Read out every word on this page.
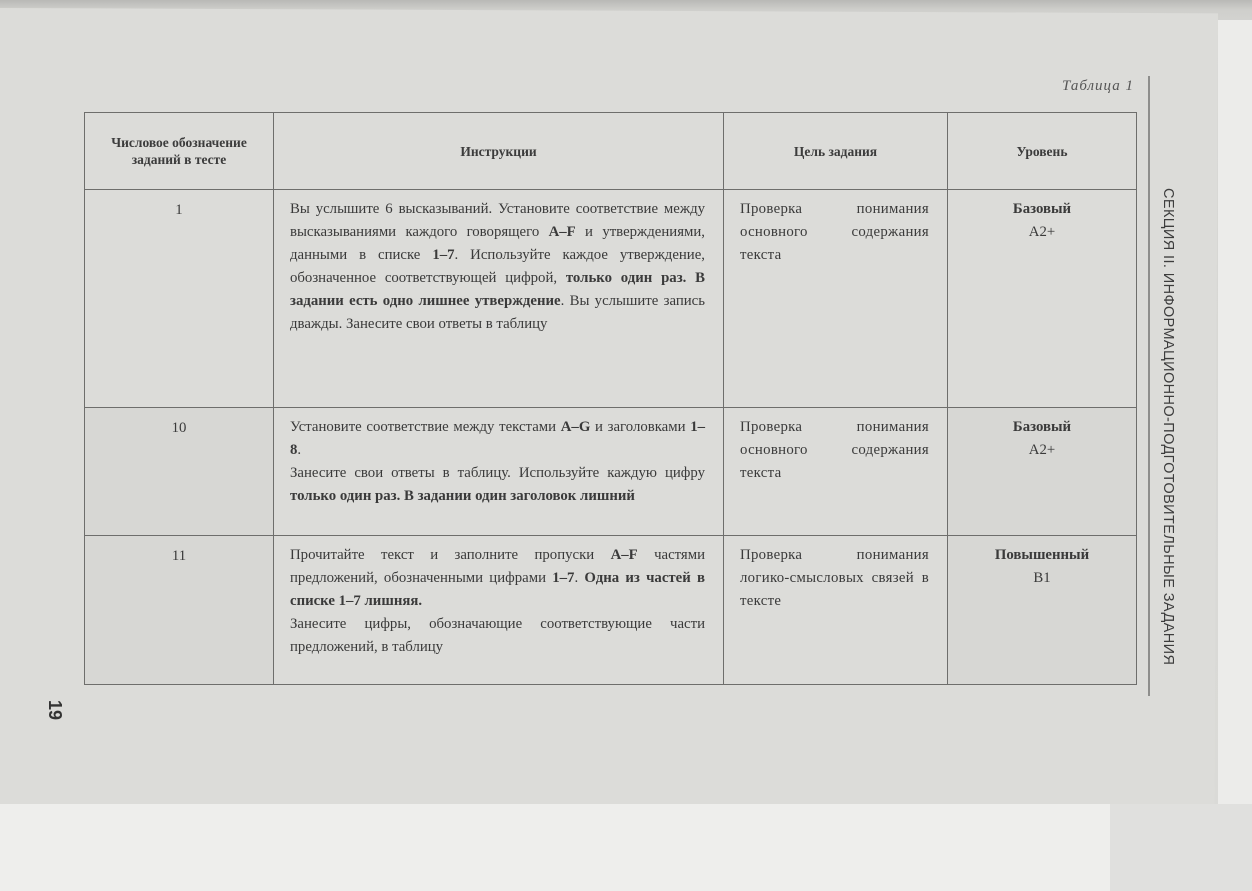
Таблица 1
СЕКЦИЯ II. ИНФОРМАЦИОННО-ПОДГОТОВИТЕЛЬНЫЕ ЗАДАНИЯ
19
Числовое обозначение заданий в тесте	Инструкции	Цель задания	Уровень
1	Вы услышите 6 высказываний. Установите соответствие между высказываниями каждого говорящего A–F и утверждениями, данными в списке 1–7. Используйте каждое утверждение, обозначенное соответствующей цифрой, только один раз. В задании есть одно лишнее утверждение. Вы услышите запись дважды. Занесите свои ответы в таблицу	Проверка понимания основного содержания текста	Базовый
A2+

10	Установите соответствие между текстами A–G и заголовками 1–8.
Занесите свои ответы в таблицу. Используйте каждую цифру только один раз. В задании один заголовок лишний	Проверка понимания основного содержания текста	Базовый
A2+

11	Прочитайте текст и заполните пропуски A–F частями предложений, обозначенными цифрами 1–7. Одна из частей в списке 1–7 лишняя.
Занесите цифры, обозначающие соответствующие части предложений, в таблицу	Проверка понимания логико-смысловых связей в тексте	Повышенный
B1
